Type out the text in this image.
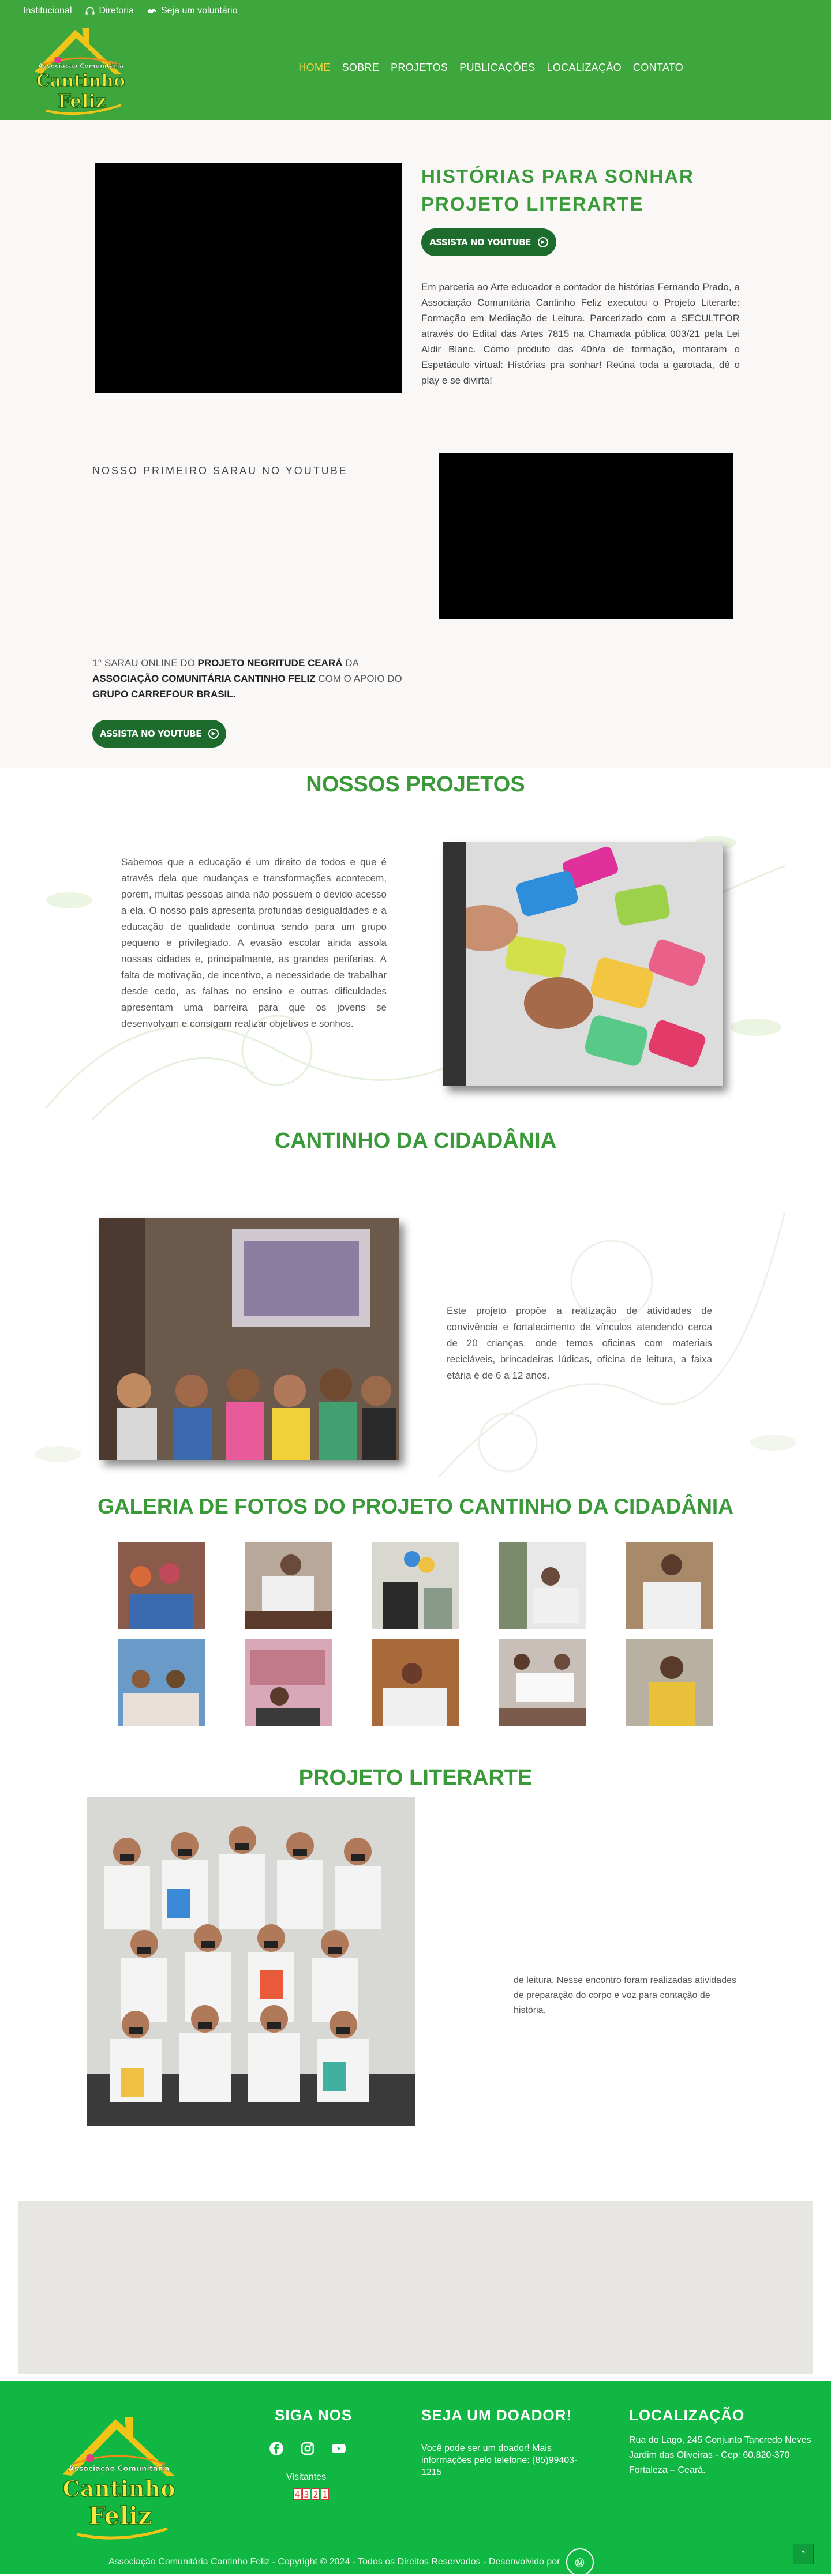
Institucional	Diretoria	Seja um voluntário
Associação Comunitária
Cantinho
Feliz
HOME SOBRE PROJETOS PUBLICAÇÕES LOCALIZAÇÃO CONTATO
HISTÓRIAS PARA SONHAR
PROJETO LITERARTE
ASSISTA NO YOUTUBE	▶

Em parceria ao Arte educador e contador de histórias Fernando Prado, a Associação Comunitária Cantinho Feliz executou o Projeto Literarte: Formação em Mediação de Leitura. Parcerizado com a SECULTFOR através do Edital das Artes 7815 na Chamada pública 003/21 pela Lei Aldir Blanc. Como produto das 40h/a de formação, montaram o Espetáculo virtual: Histórias pra sonhar! Reúna toda a garotada, dê o play e se divirta!

NOSSO PRIMEIRO SARAU NO YOUTUBE

1° SARAU ONLINE DO PROJETO NEGRITUDE CEARÁ DA ASSOCIAÇÃO COMUNITÁRIA CANTINHO FELIZ COM O APOIO DO GRUPO CARREFOUR BRASIL.

ASSISTA NO YOUTUBE	▶
NOSSOS PROJETOS

Sabemos que a educação é um direito de todos e que é através dela que mudanças e transformações acontecem, porém, muitas pessoas ainda não possuem o devido acesso a ela. O nosso país apresenta profundas desigualdades e a educação de qualidade continua sendo para um grupo pequeno e privilegiado. A evasão escolar ainda assola nossas cidades e, principalmente, as grandes periferias. A falta de motivação, de incentivo, a necessidade de trabalhar desde cedo, as falhas no ensino e outras dificuldades apresentam uma barreira para que os jovens se desenvolvam e consigam realizar objetivos e sonhos.

CANTINHO DA CIDADÂNIA

Este projeto propõe a realização de atividades de convivência e fortalecimento de vínculos atendendo cerca de 20 crianças, onde temos oficinas com materiais recicláveis, brincadeiras lúdicas, oficina de leitura, a faixa etária é de 6 a 12 anos.

GALERIA DE FOTOS DO PROJETO CANTINHO DA CIDADÂNIA
PROJETO LITERARTE

de leitura. Nesse encontro foram realizadas atividades de preparação do corpo e voz para contação de história.

Associação Comunitária
Cantinho
Feliz
SIGA NOS
Visitantes
4 3 2 1
SEJA UM DOADOR!

Você pode ser um doador! Mais informações pelo telefone: (85)99403-1215

LOCALIZAÇÃO
Rua do Lago, 245 Conjunto Tancredo Neves
Jardim das Oliveiras - Cep: 60.820-370
Fortaleza – Ceará.
Associação Comunitária Cantinho Feliz - Copyright © 2024 - Todos os Direitos Reservados - Desenvolvido por Ⓜ
⌃
